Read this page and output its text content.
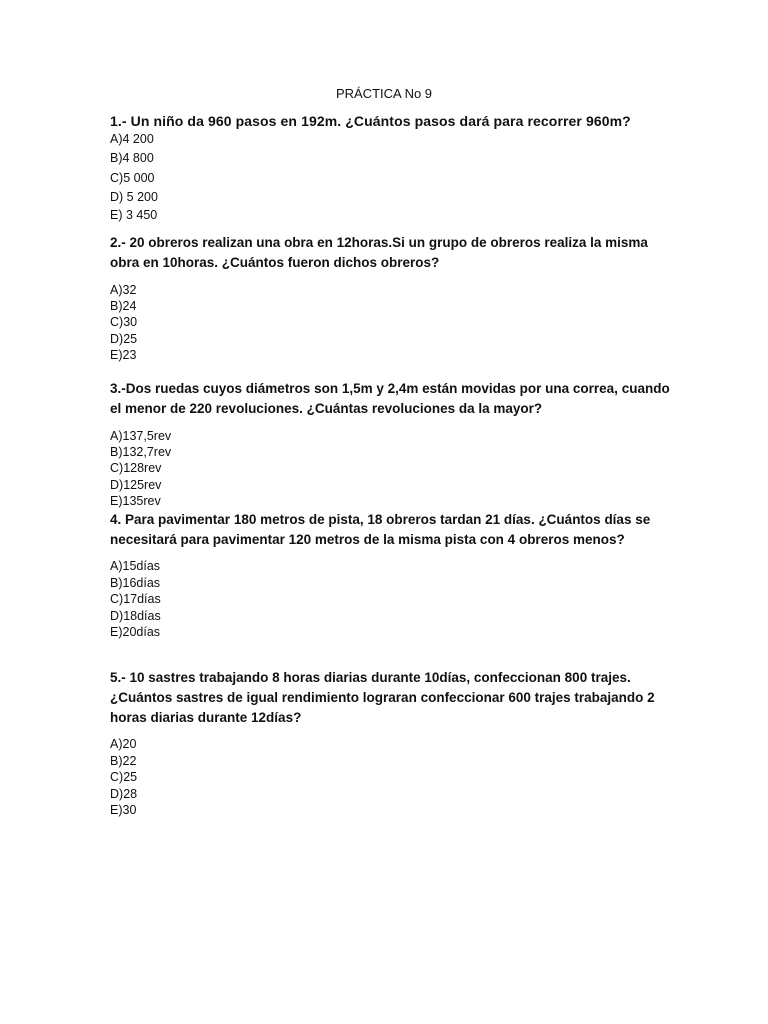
PRÁCTICA No 9
1.- Un niño da 960 pasos en 192m. ¿Cuántos pasos dará para recorrer 960m?
A)4 200
B)4 800
C)5 000
D) 5 200
E) 3 450
2.- 20 obreros realizan una obra en 12horas.Si un grupo de obreros realiza la misma obra en 10horas. ¿Cuántos fueron dichos obreros?
A)32
B)24
C)30
D)25
E)23
3.-Dos ruedas cuyos diámetros son 1,5m y 2,4m están movidas por una correa, cuando el menor de 220 revoluciones. ¿Cuántas revoluciones da la mayor?
A)137,5rev
B)132,7rev
C)128rev
D)125rev
E)135rev
4. Para pavimentar 180 metros de pista, 18 obreros tardan 21 días. ¿Cuántos días se necesitará para pavimentar 120 metros de la misma pista con 4 obreros menos?
A)15días
B)16días
C)17días
D)18días
E)20días
5.- 10 sastres trabajando 8 horas diarias durante 10días, confeccionan 800 trajes. ¿Cuántos sastres de igual rendimiento lograran confeccionar 600 trajes trabajando 2 horas diarias durante 12días?
A)20
B)22
C)25
D)28
E)30
